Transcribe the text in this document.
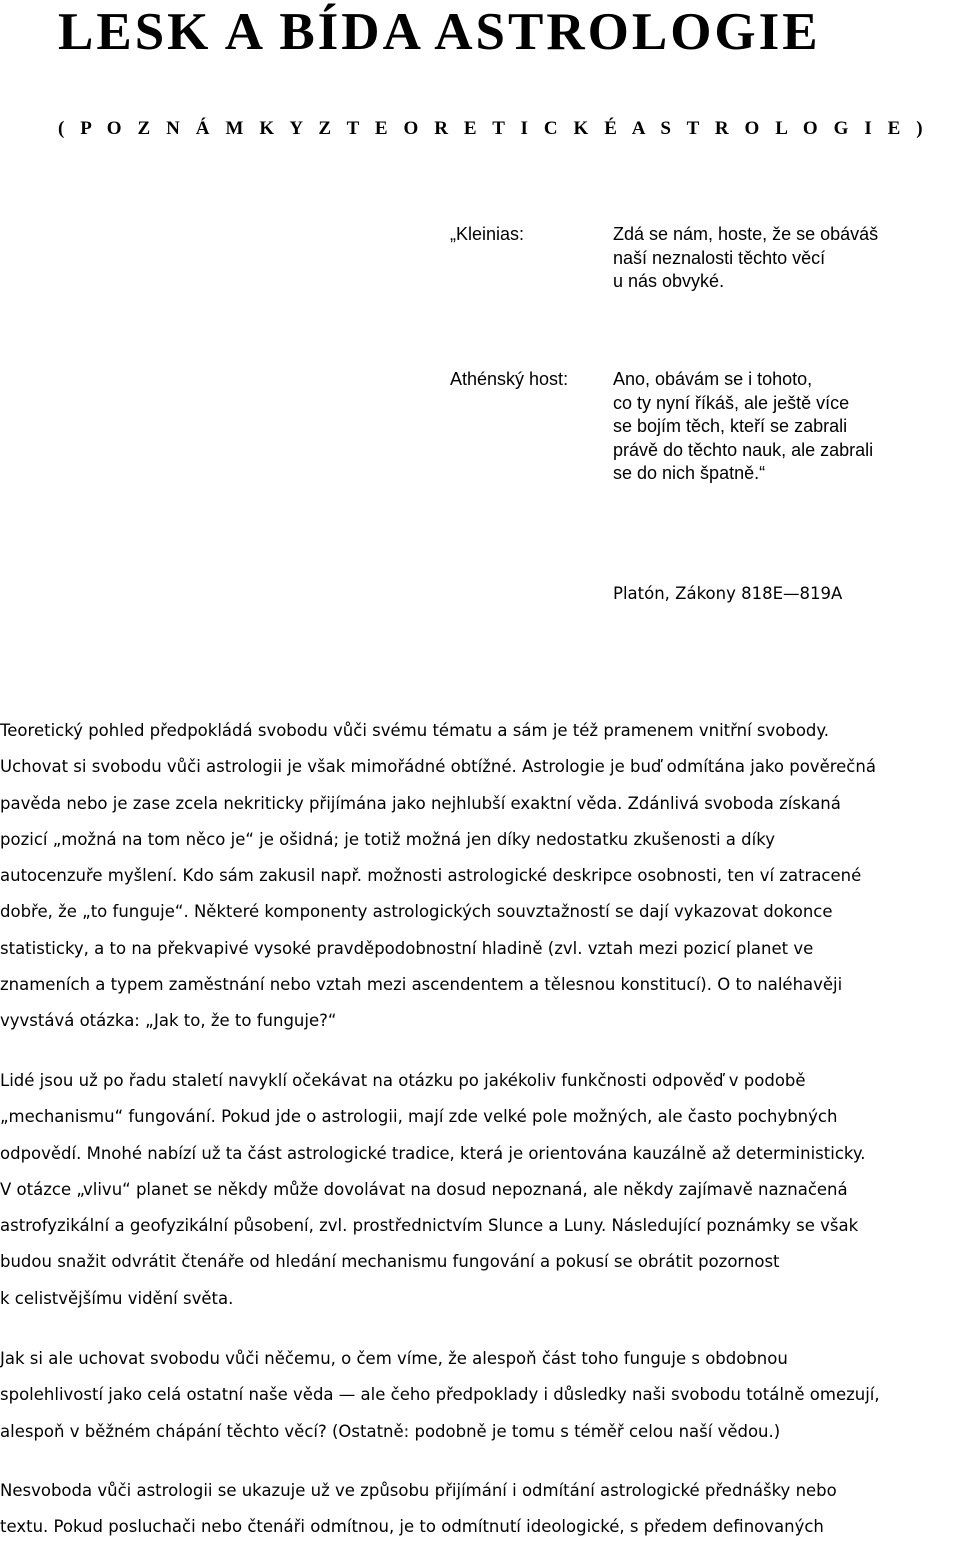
LESK A BÍDA ASTROLOGIE
( P O Z N Á M K Y Z T E O R E T I C K É A S T R O L O G I E )
„Kleinias:	Zdá se nám, hoste, že se obáváš
naší neznalosti těchto věcí
u nás obvyké.
Athénský host: Ano, obávám se i tohoto,
co ty nyní říkáš, ale ještě více
se bojím těch, kteří se zabrali
právě do těchto nauk, ale zabrali
se do nich špatně.“
Platón, Zákony 818E—819A
Teoretický pohled předpokládá svobodu vůči svému tématu a sám je též pramenem vnitřní svobody.
Uchovat si svobodu vůči astrologii je však mimořádné obtížné. Astrologie je buď odmítána jako pověrečná
pavěda nebo je zase zcela nekriticky přijímána jako nejhlubší exaktní věda. Zdánlivá svoboda získaná
pozicí „možná na tom něco je“ je ošidná; je totiž možná jen díky nedostatku zkušenosti a díky
autocenzuře myšlení. Kdo sám zakusil např. možnosti astrologické deskripce osobnosti, ten ví zatracené
dobře, že „to funguje“. Některé komponenty astrologických souvztažností se dají vykazovat dokonce
statisticky, a to na překvapivé vysoké pravděpodobnostní hladině (zvl. vztah mezi pozicí planet ve
znameních a typem zaměstnání nebo vztah mezi ascendentem a tělesnou konstitucí). O to naléhavěji
vyvstává otázka: „Jak to, že to funguje?“
Lidé jsou už po řadu staletí navyklí očekávat na otázku po jakékoliv funkčnosti odpověď v podobě
„mechanismu“ fungování. Pokud jde o astrologii, mají zde velké pole možných, ale často pochybných
odpovědí. Mnohé nabízí už ta část astrologické tradice, která je orientována kauzálně až deterministicky.
V otázce „vlivu“ planet se někdy může dovolávat na dosud nepoznaná, ale někdy zajímavě naznačená
astrofyzikální a geofyzikální působení, zvl. prostřednictvím Slunce a Luny. Následující poznámky se však
budou snažit odvrátit čtenáře od hledání mechanismu fungování a pokusí se obrátit pozornost
k celistvějšímu vidění světa.
Jak si ale uchovat svobodu vůči něčemu, o čem víme, že alespoň část toho funguje s obdobnou
spolehlivostí jako celá ostatní naše věda — ale čeho předpoklady i důsledky naši svobodu totálně omezují,
alespoň v běžném chápání těchto věcí? (Ostatně: podobně je tomu s téměř celou naší vědou.)
Nesvoboda vůči astrologii se ukazuje už ve způsobu přijímání i odmítání astrologické přednášky nebo
textu. Pokud posluchači nebo čtenáři odmítnou, je to odmítnutí ideologické, s předem definovaných
